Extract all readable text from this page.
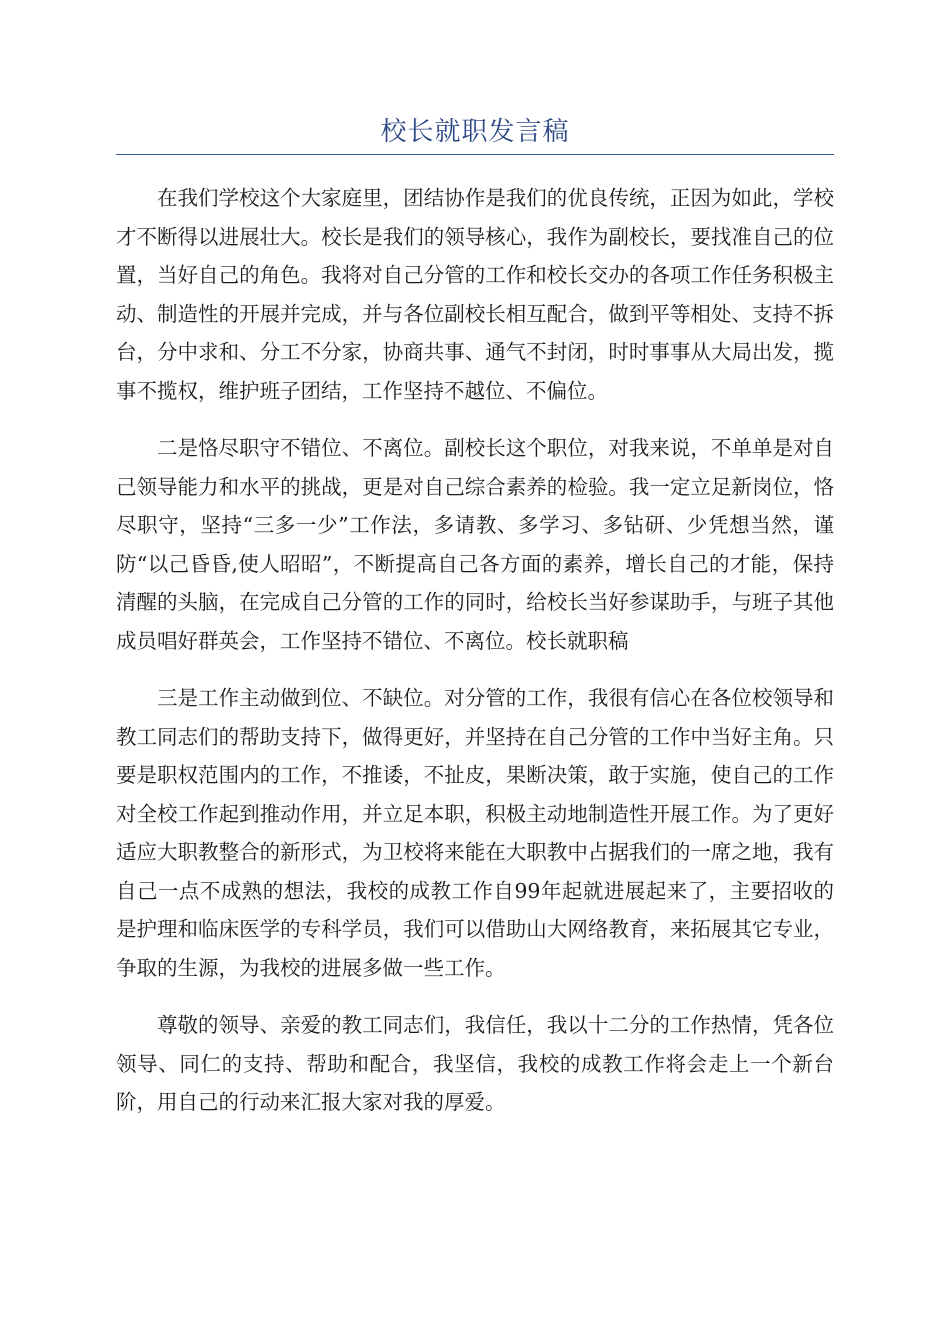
校长就职发言稿

在我们学校这个大家庭里，团结协作是我们的优良传统，正因为如此，学校才不断得以进展壮大。校长是我们的领导核心，我作为副校长，要找准自己的位置，当好自己的角色。我将对自己分管的工作和校长交办的各项工作任务积极主动、制造性的开展并完成，并与各位副校长相互配合，做到平等相处、支持不拆台，分中求和、分工不分家，协商共事、通气不封闭，时时事事从大局出发，揽事不揽权，维护班子团结，工作坚持不越位、不偏位。

二是恪尽职守不错位、不离位。副校长这个职位，对我来说，不单单是对自己领导能力和水平的挑战，更是对自己综合素养的检验。我一定立足新岗位，恪尽职守，坚持“三多一少”工作法，多请教、多学习、多钻研、少凭想当然，谨防“以己昏昏,使人昭昭”，不断提高自己各方面的素养，增长自己的才能，保持清醒的头脑，在完成自己分管的工作的同时，给校长当好参谋助手，与班子其他成员唱好群英会，工作坚持不错位、不离位。校长就职稿

三是工作主动做到位、不缺位。对分管的工作，我很有信心在各位校领导和教工同志们的帮助支持下，做得更好，并坚持在自己分管的工作中当好主角。只要是职权范围内的工作，不推诿，不扯皮，果断决策，敢于实施，使自己的工作对全校工作起到推动作用，并立足本职，积极主动地制造性开展工作。为了更好适应大职教整合的新形式，为卫校将来能在大职教中占据我们的一席之地，我有自己一点不成熟的想法，我校的成教工作自99年起就进展起来了，主要招收的是护理和临床医学的专科学员，我们可以借助山大网络教育，来拓展其它专业，争取的生源，为我校的进展多做一些工作。

尊敬的领导、亲爱的教工同志们，我信任，我以十二分的工作热情，凭各位领导、同仁的支持、帮助和配合，我坚信，我校的成教工作将会走上一个新台阶，用自己的行动来汇报大家对我的厚爱。
